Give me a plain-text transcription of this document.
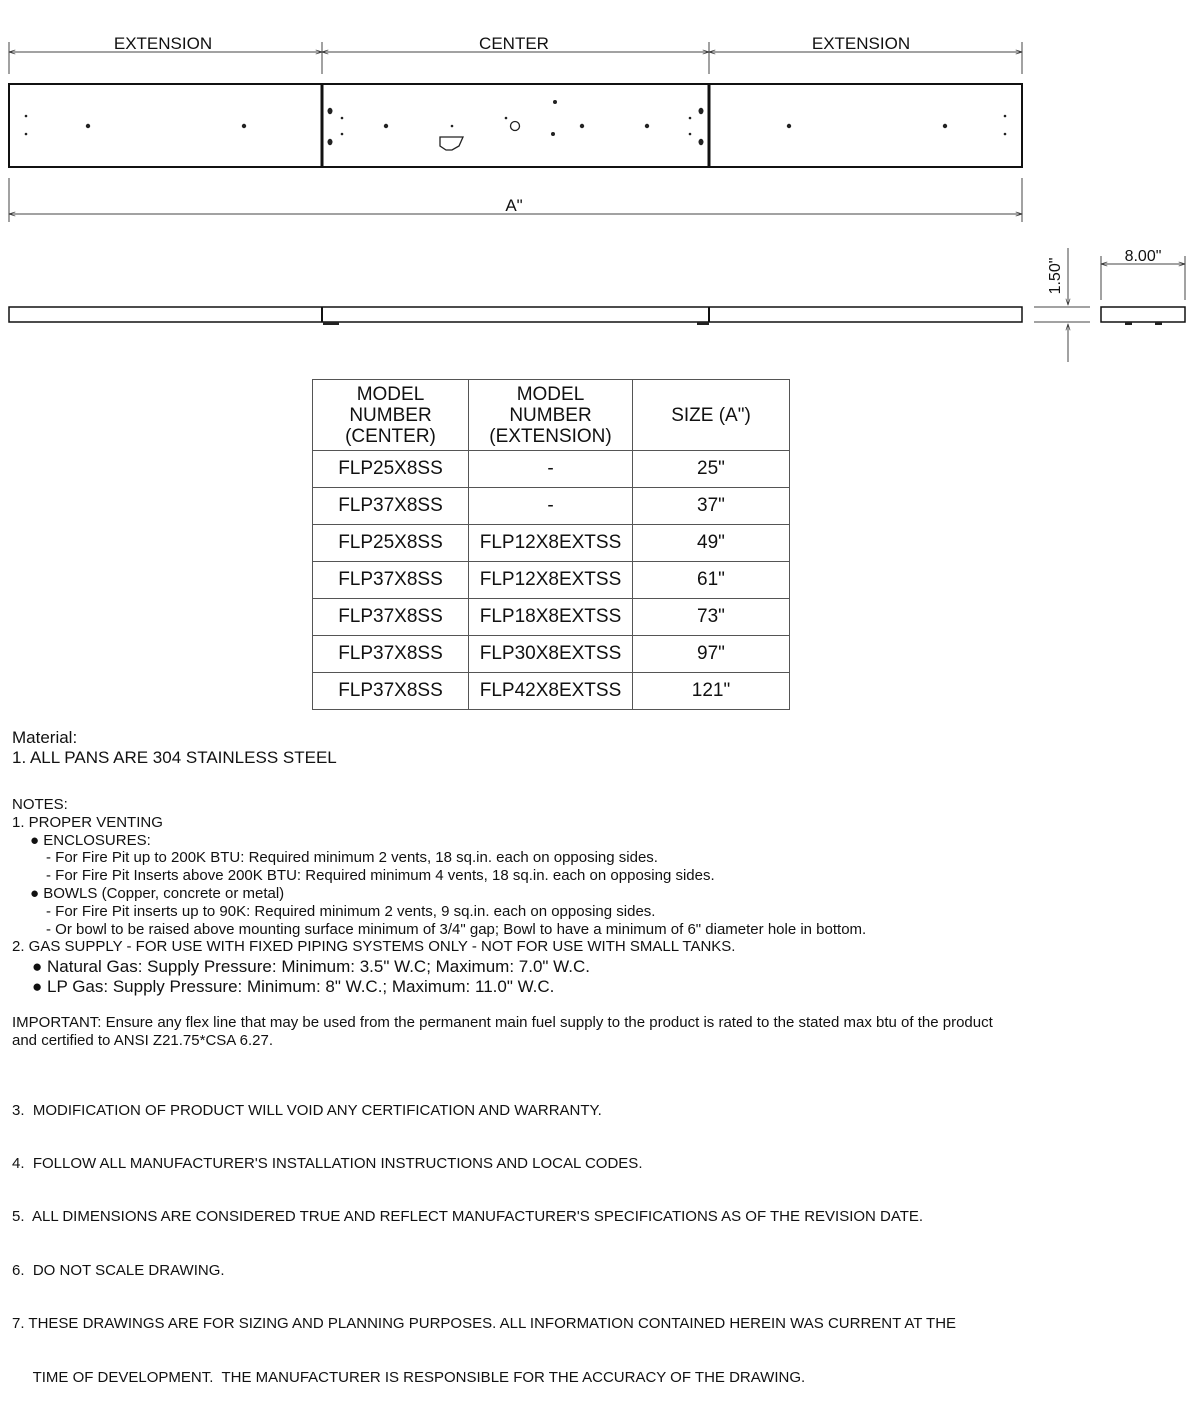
EXTENSION	CENTER	EXTENSION
A"
1.50"
8.00"
MODEL
NUMBER
(CENTER)	MODEL
NUMBER
(EXTENSION)	SIZE (A")
FLP25X8SS	-	25"
FLP37X8SS	-	37"
FLP25X8SS	FLP12X8EXTSS	49"
FLP37X8SS	FLP12X8EXTSS	61"
FLP37X8SS	FLP18X8EXTSS	73"
FLP37X8SS	FLP30X8EXTSS	97"
FLP37X8SS	FLP42X8EXTSS	121"
Material:
1. ALL PANS ARE 304 STAINLESS STEEL
NOTES:
1. PROPER VENTING
● ENCLOSURES:
- For Fire Pit up to 200K BTU: Required minimum 2 vents, 18 sq.in. each on opposing sides.
- For Fire Pit Inserts above 200K BTU: Required minimum 4 vents, 18 sq.in. each on opposing sides.
● BOWLS (Copper, concrete or metal)
- For Fire Pit inserts up to 90K: Required minimum 2 vents, 9 sq.in. each on opposing sides.
- Or bowl to be raised above mounting surface minimum of 3/4" gap; Bowl to have a minimum of 6" diameter hole in bottom.
2. GAS SUPPLY - FOR USE WITH FIXED PIPING SYSTEMS ONLY - NOT FOR USE WITH SMALL TANKS.
● Natural Gas: Supply Pressure: Minimum: 3.5" W.C; Maximum: 7.0" W.C.
● LP Gas: Supply Pressure: Minimum: 8" W.C.; Maximum: 11.0" W.C.
IMPORTANT: Ensure any flex line that may be used from the permanent main fuel supply to the product is rated to the stated max btu of the product
and certified to ANSI Z21.75*CSA 6.27.

3.  MODIFICATION OF PRODUCT WILL VOID ANY CERTIFICATION AND WARRANTY.

4.  FOLLOW ALL MANUFACTURER'S INSTALLATION INSTRUCTIONS AND LOCAL CODES.

5.  ALL DIMENSIONS ARE CONSIDERED TRUE AND REFLECT MANUFACTURER'S SPECIFICATIONS AS OF THE REVISION DATE.

6.  DO NOT SCALE DRAWING.

7. THESE DRAWINGS ARE FOR SIZING AND PLANNING PURPOSES. ALL INFORMATION CONTAINED HEREIN WAS CURRENT AT THE

TIME OF DEVELOPMENT.  THE MANUFACTURER IS RESPONSIBLE FOR THE ACCURACY OF THE DRAWING.
